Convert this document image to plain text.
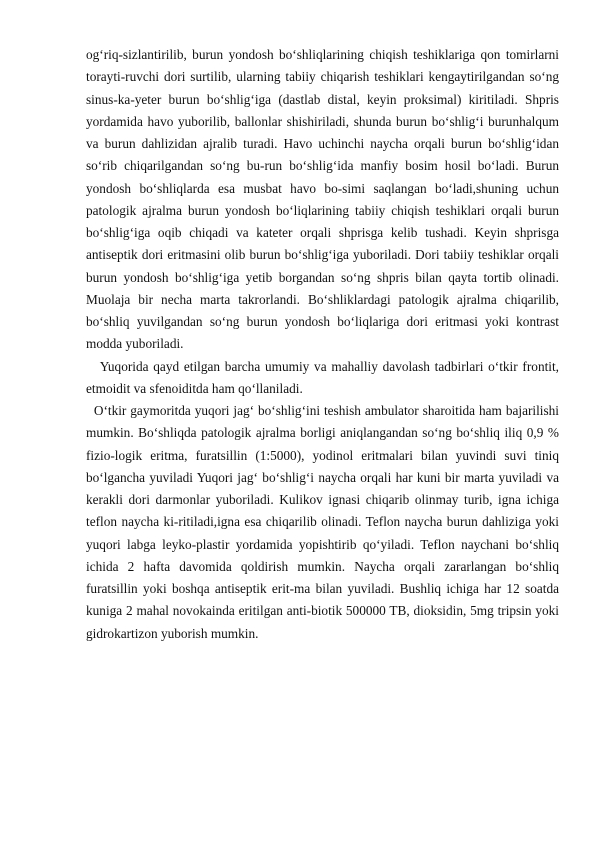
og‘riq-sizlantirilib, burun yondosh bo‘shliqlarining chiqish teshiklariga qon tomirlarni torayti-ruvchi dori surtilib, ularning tabiiy chiqarish teshiklari kengaytirilgandan so‘ng sinus-ka-yeter burun bo‘shlig‘iga (dastlab distal, keyin proksimal) kiritiladi. Shpris yordamida havo yuborilib, ballonlar shishiriladi, shunda burun bo‘shlig‘i burunhalqum va burun dahlizidan ajralib turadi. Havo uchinchi naycha orqali burun bo‘shlig‘idan so‘rib chiqarilgandan so‘ng bu-run bo‘shlig‘ida manfiy bosim hosil bo‘ladi. Burun yondosh bo‘shliqlarda esa musbat havo bo-simi saqlangan bo‘ladi,shuning uchun patologik ajralma burun yondosh bo‘liqlarining tabiiy chiqish teshiklari orqali burun bo‘shlig‘iga oqib chiqadi va kateter orqali shprisga kelib tushadi. Keyin shprisga antiseptik dori eritmasini olib burun bo‘shlig‘iga yuboriladi. Dori tabiiy teshiklar orqali burun yondosh bo‘shlig‘iga yetib borgandan so‘ng shpris bilan qayta tortib olinadi. Muolaja bir necha marta takrorlandi. Bo‘shliklardagi patologik ajralma chiqarilib, bo‘shliq yuvilgandan so‘ng burun yondosh bo‘liqlariga dori eritmasi yoki kontrast modda yuboriladi.

Yuqorida qayd etilgan barcha umumiy va mahalliy davolash tadbirlari o‘tkir frontit, etmoidit va sfenoiditda ham qo‘llaniladi.

O‘tkir gaymoritda yuqori jag‘ bo‘shlig‘ini teshish ambulator sharoitida ham bajarilishi mumkin. Bo‘shliqda patologik ajralma borligi aniqlangandan so‘ng bo‘shliq iliq 0,9 % fizio-logik eritma, furatsillin (1:5000), yodinol eritmalari bilan yuvindi suvi tiniq bo‘lgancha yuviladi Yuqori jag‘ bo‘shlig‘i naycha orqali har kuni bir marta yuviladi va kerakli dori darmonlar yuboriladi. Kulikov ignasi chiqarib olinmay turib, igna ichiga teflon naycha ki-ritiladi,igna esa chiqarilib olinadi. Teflon naycha burun dahliziga yoki yuqori labga leyko-plastir yordamida yopishtirib qo‘yiladi. Teflon naychani bo‘shliq ichida 2 hafta davomida qoldirish mumkin. Naycha orqali zararlangan bo‘shliq furatsillin yoki boshqa antiseptik erit-ma bilan yuviladi. Bushliq ichiga har 12 soatda kuniga 2 mahal novokainda eritilgan anti-biotik 500000 TB, dioksidin, 5mg tripsin yoki gidrokartizon yuborish mumkin.
